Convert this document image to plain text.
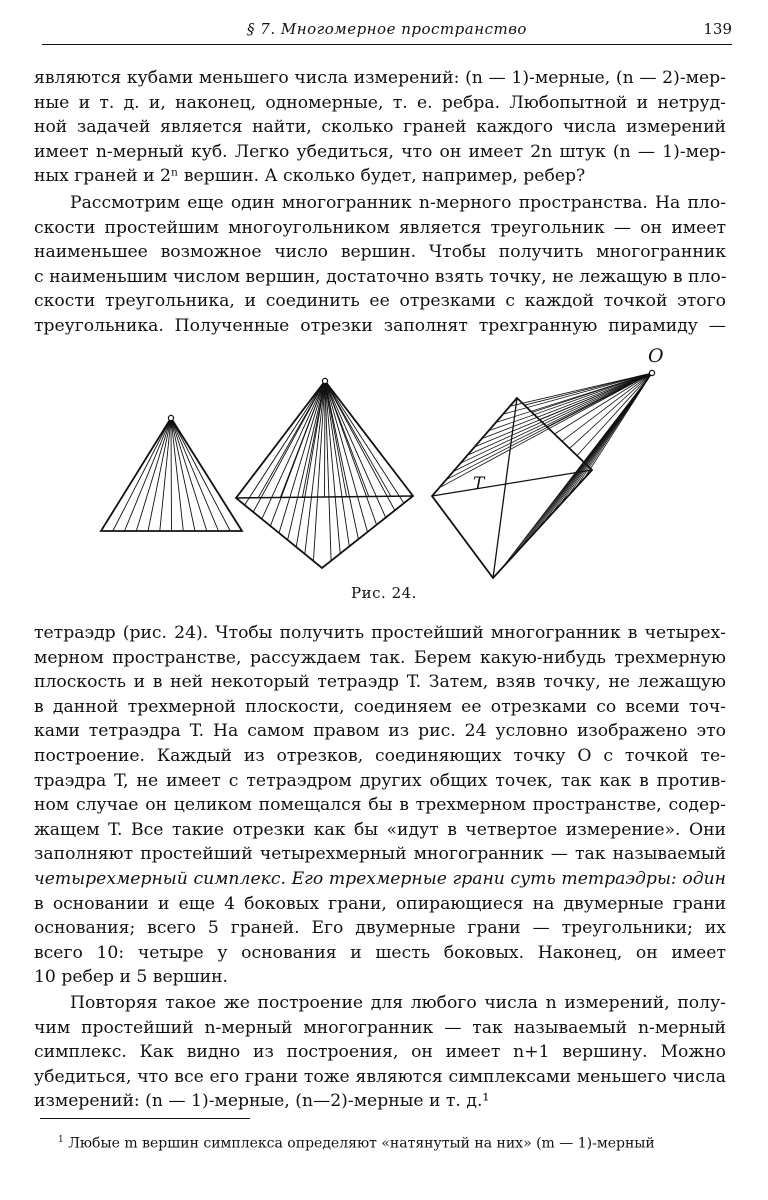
§ 7. Многомерное пространство	139
являются кубами меньшего числа измерений: (n — 1)-мерные, (n — 2)-мер-
ные и т. д. и, наконец, одномерные, т. е. ребра. Любопытной и нетруд-
ной задачей является найти, сколько граней каждого числа измерений
имеет n-мерный куб. Легко убедиться, что он имеет 2n штук (n — 1)-мер-
ных граней и 2ⁿ вершин. А сколько будет, например, ребер?
Рассмотрим еще один многогранник n-мерного пространства. На пло-
скости простейшим многоугольником является треугольник — он имеет
наименьшее возможное число вершин. Чтобы получить многогранник
с наименьшим числом вершин, достаточно взять точку, не лежащую в пло-
скости треугольника, и соединить ее отрезками с каждой точкой этого
треугольника. Полученные отрезки заполнят трехгранную пирамиду —
O
T
Рис. 24.
тетраэдр (рис. 24). Чтобы получить простейший многогранник в четырех-
мерном пространстве, рассуждаем так. Берем какую-нибудь трехмерную
плоскость и в ней некоторый тетраэдр T. Затем, взяв точку, не лежащую
в данной трехмерной плоскости, соединяем ее отрезками со всеми точ-
ками тетраэдра T. На самом правом из рис. 24 условно изображено это
построение. Каждый из отрезков, соединяющих точку O с точкой те-
траэдра T, не имеет с тетраэдром других общих точек, так как в против-
ном случае он целиком помещался бы в трехмерном пространстве, содер-
жащем T. Все такие отрезки как бы «идут в четвертое измерение». Они
заполняют простейший четырехмерный многогранник — так называемый
четырехмерный симплекс. Его трехмерные грани суть тетраэдры: один
в основании и еще 4 боковых грани, опирающиеся на двумерные грани
основания; всего 5 граней. Его двумерные грани — треугольники; их
всего 10: четыре у основания и шесть боковых. Наконец, он имеет
10 ребер и 5 вершин.
Повторяя такое же построение для любого числа n измерений, полу-
чим простейший n-мерный многогранник — так называемый n-мерный
симплекс. Как видно из построения, он имеет n+1 вершину. Можно
убедиться, что все его грани тоже являются симплексами меньшего числа
измерений: (n — 1)-мерные, (n—2)-мерные и т. д.¹
$^1$ Любые m вершин симплекса определяют «натянутый на них» (m — 1)-мерный
